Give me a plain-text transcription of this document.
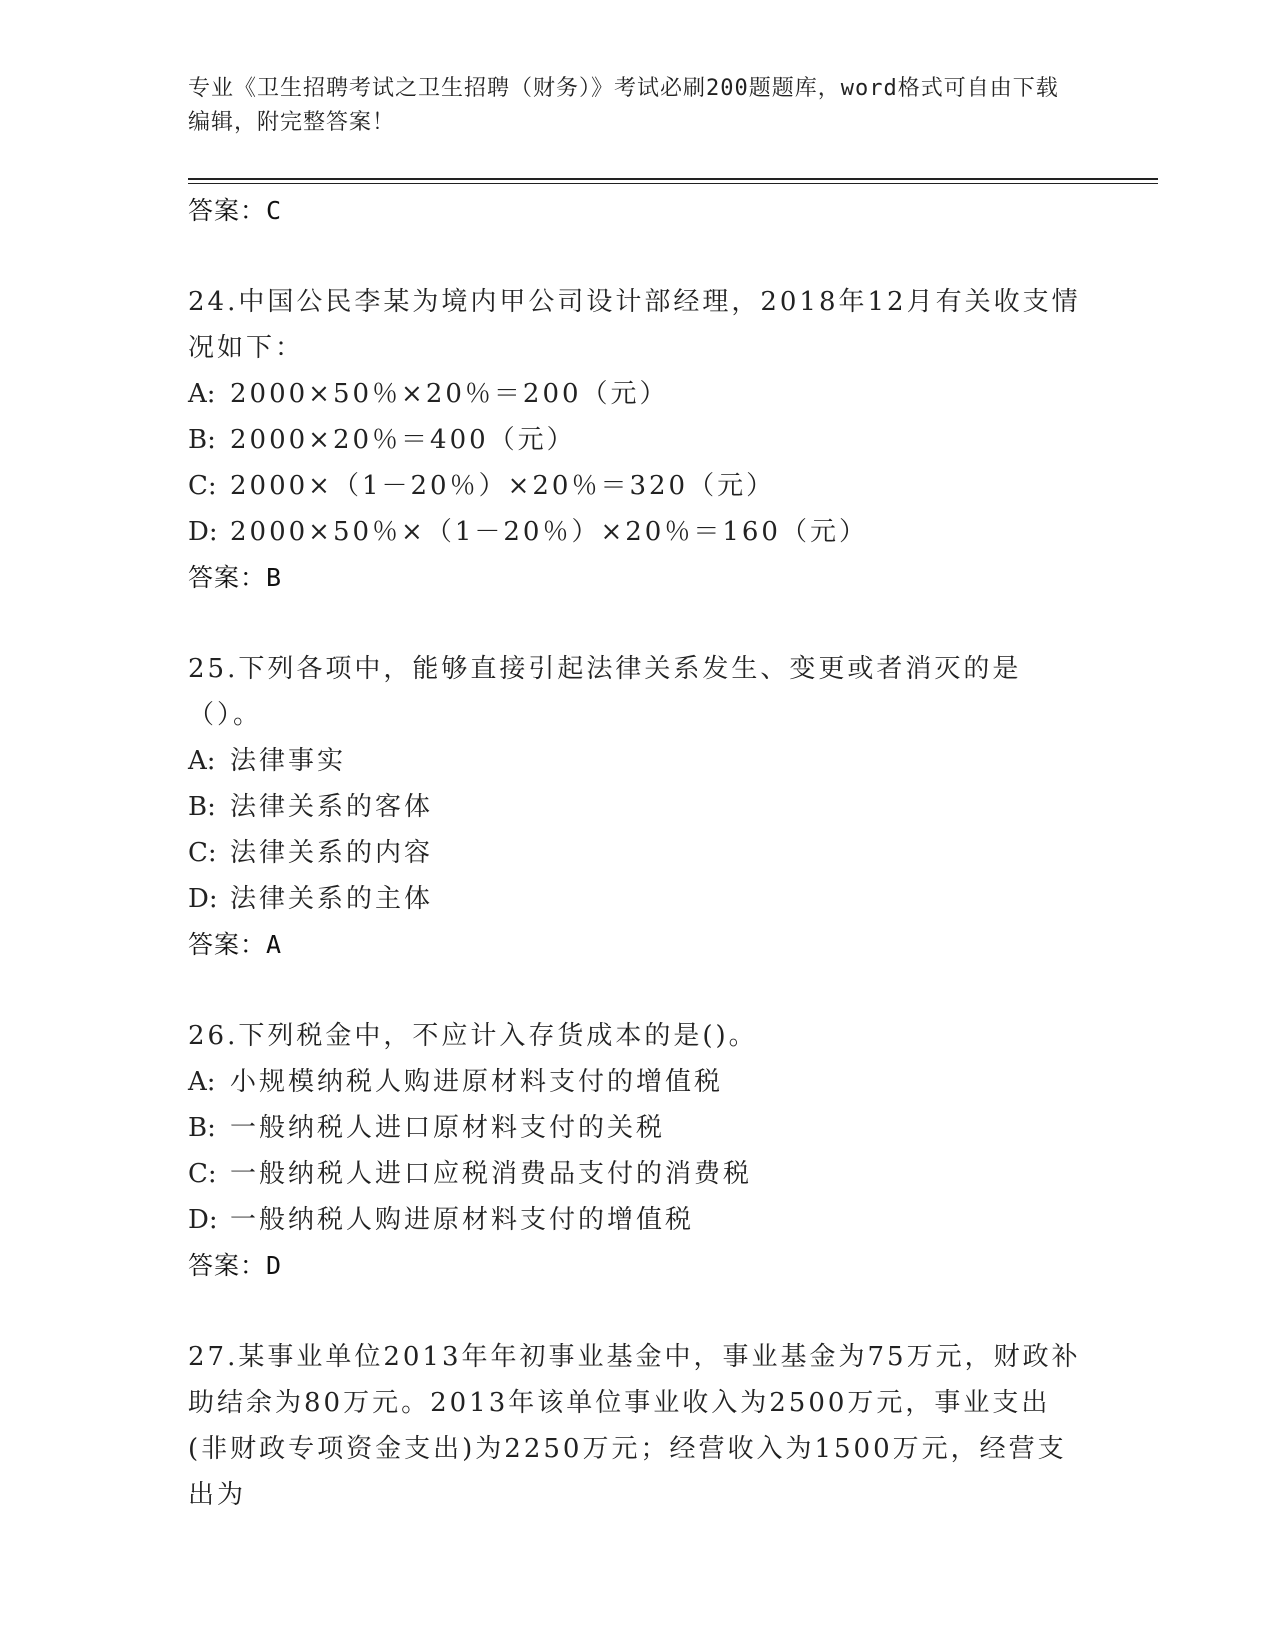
专业《卫生招聘考试之卫生招聘（财务）》考试必刷200题题库，word格式可自由下载编辑，附完整答案！
答案：C
24.中国公民李某为境内甲公司设计部经理，2018年12月有关收支情况如下：
A: 2000×50％×20％＝200（元）
B: 2000×20％＝400（元）
C: 2000×（1－20％）×20％＝320（元）
D: 2000×50％×（1－20％）×20％＝160（元）
答案：B
25.下列各项中，能够直接引起法律关系发生、变更或者消灭的是（）。
A: 法律事实
B: 法律关系的客体
C: 法律关系的内容
D: 法律关系的主体
答案：A
26.下列税金中，不应计入存货成本的是()。
A: 小规模纳税人购进原材料支付的增值税
B: 一般纳税人进口原材料支付的关税
C: 一般纳税人进口应税消费品支付的消费税
D: 一般纳税人购进原材料支付的增值税
答案：D
27.某事业单位2013年年初事业基金中，事业基金为75万元，财政补助结余为80万元。2013年该单位事业收入为2500万元，事业支出(非财政专项资金支出)为2250万元；经营收入为1500万元，经营支出为
